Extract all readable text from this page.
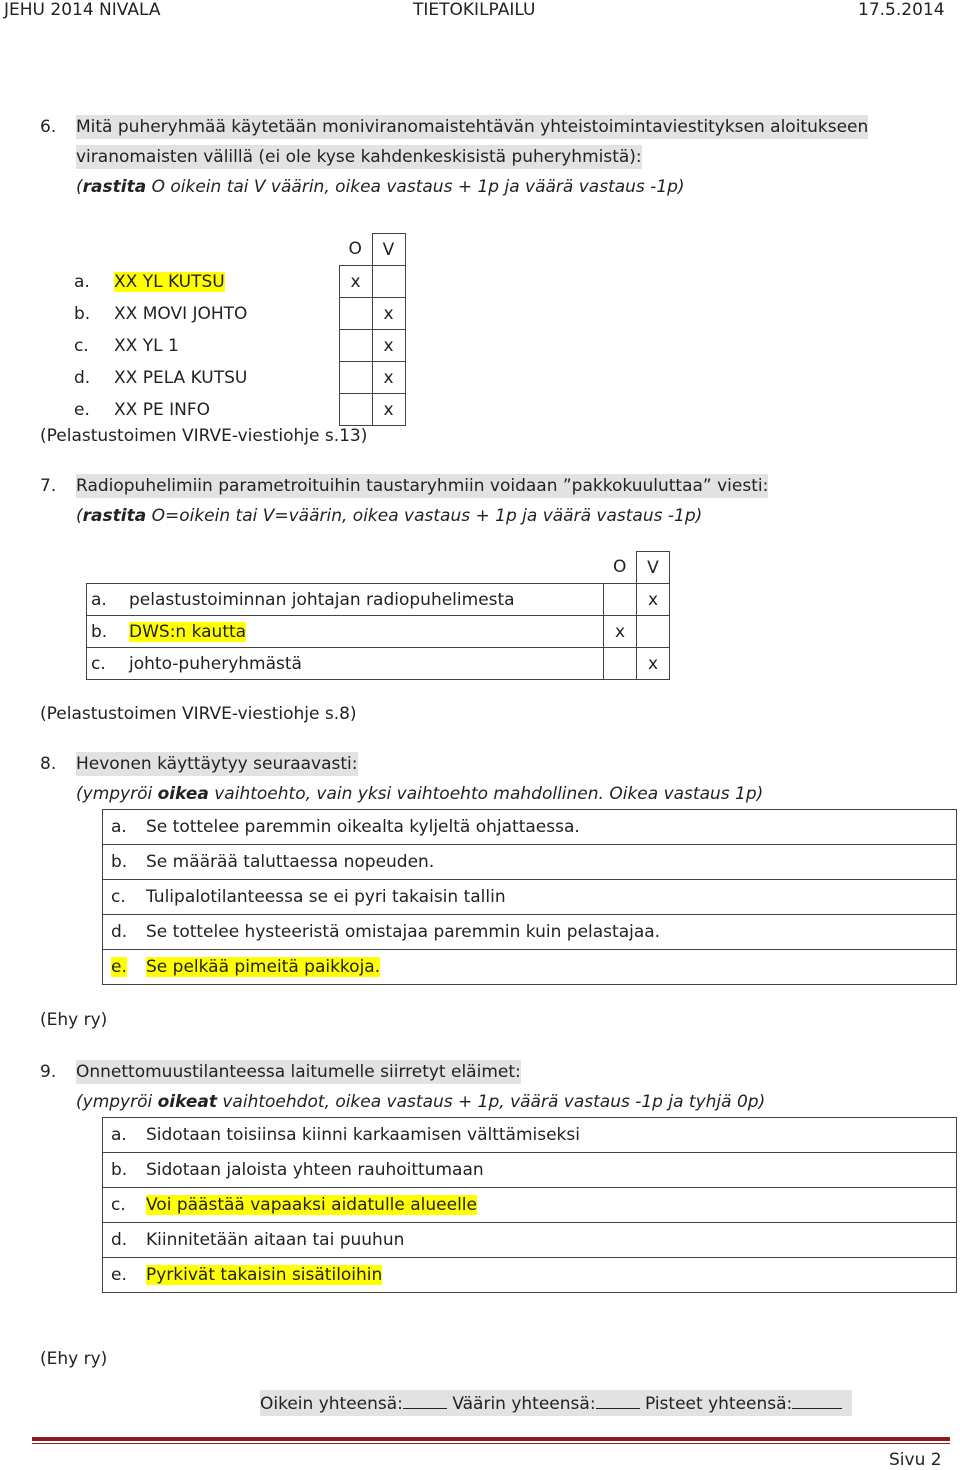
JEHU 2014 NIVALA	TIETOKILPAILU	17.5.2014
6. Mitä puheryhmää käytetään moniviranomaistehtävän yhteistoimintaviestityksen aloitukseen
viranomaisten välillä (ei ole kyse kahdenkeskisistä puheryhmistä):
(rastita O oikein tai V väärin, oikea vastaus + 1p ja väärä vastaus -1p)
	O	V
a. XX YL KUTSU	x	
b. XX MOVI JOHTO		x
c. XX YL 1		x
d. XX PELA KUTSU		x
e. XX PE INFO		x
(Pelastustoimen VIRVE-viestiohje s.13)
7. Radiopuhelimiin parametroituihin taustaryhmiin voidaan ”pakkokuuluttaa” viesti:
(rastita O=oikein tai V=väärin, oikea vastaus + 1p ja väärä vastaus -1p)
	O	V
a. pelastustoiminnan johtajan radiopuhelimesta		x
b. DWS:n kautta	x	
c. johto-puheryhmästä		x
(Pelastustoimen VIRVE-viestiohje s.8)
8. Hevonen käyttäytyy seuraavasti:
(ympyröi oikea vaihtoehto, vain yksi vaihtoehto mahdollinen. Oikea vastaus 1p)
a.	Se tottelee paremmin oikealta kyljeltä ohjattaessa.
b.	Se määrää taluttaessa nopeuden.
c.	Tulipalotilanteessa se ei pyri takaisin tallin
d.	Se tottelee hysteeristä omistajaa paremmin kuin pelastajaa.
e.	Se pelkää pimeitä paikkoja.
(Ehy ry)
9. Onnettomuustilanteessa laitumelle siirretyt eläimet:
(ympyröi oikeat vaihtoehdot, oikea vastaus + 1p, väärä vastaus -1p ja tyhjä 0p)
a.	Sidotaan toisiinsa kiinni karkaamisen välttämiseksi
b.	Sidotaan jaloista yhteen rauhoittumaan
c.	Voi päästää vapaaksi aidatulle alueelle
d.	Kiinnitetään aitaan tai puuhun
e.	Pyrkivät takaisin sisätiloihin
(Ehy ry)
Oikein yhteensä:	Väärin yhteensä:	Pisteet yhteensä:
Sivu 2
